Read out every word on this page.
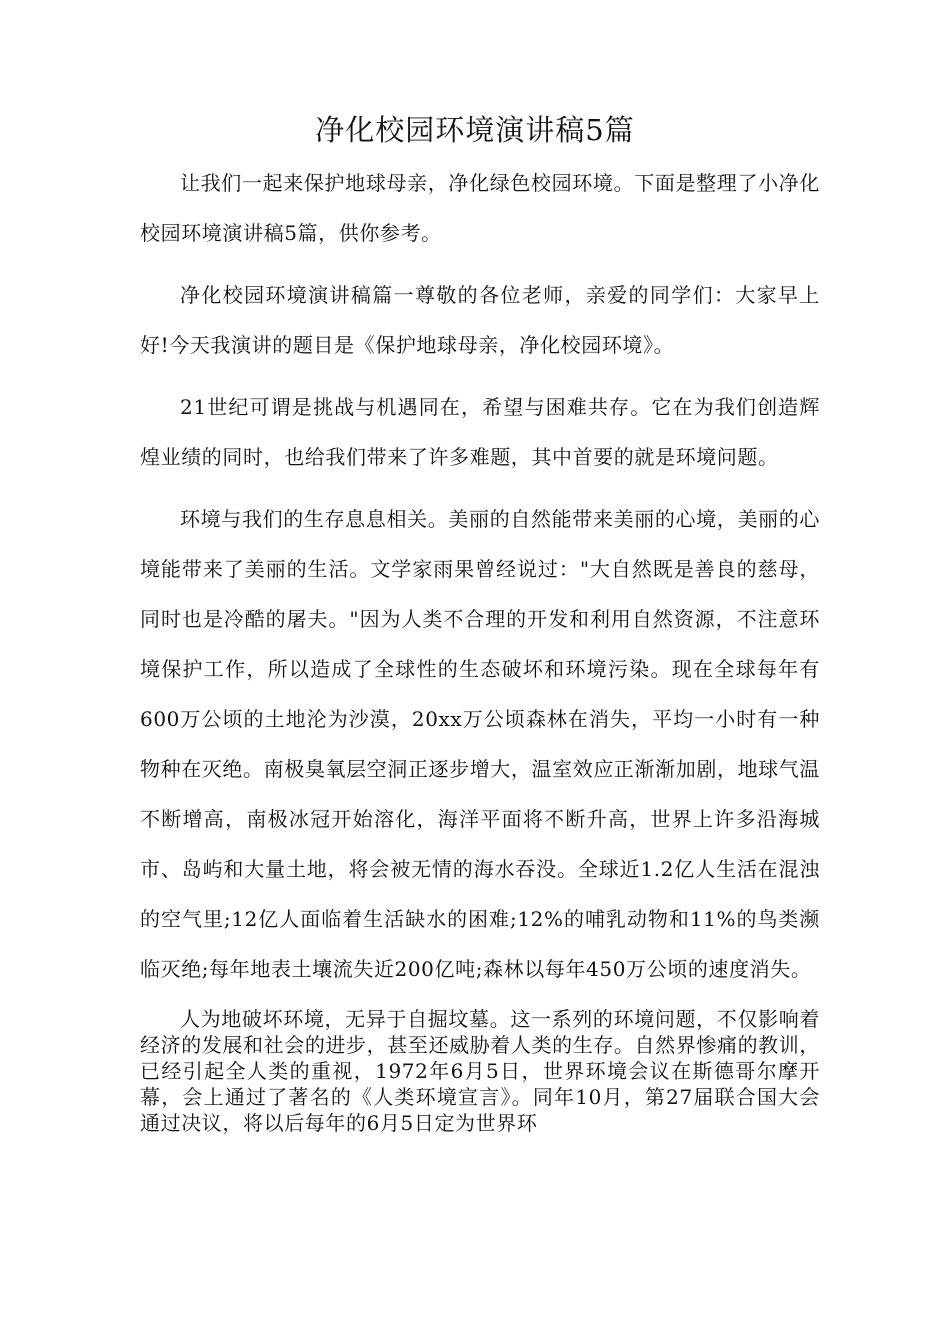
净化校园环境演讲稿5篇

让我们一起来保护地球母亲，净化绿色校园环境。下面是整理了小净化校园环境演讲稿5篇，供你参考。

净化校园环境演讲稿篇一尊敬的各位老师，亲爱的同学们：大家早上好!今天我演讲的题目是《保护地球母亲，净化校园环境》。

21世纪可谓是挑战与机遇同在，希望与困难共存。它在为我们创造辉煌业绩的同时，也给我们带来了许多难题，其中首要的就是环境问题。

环境与我们的生存息息相关。美丽的自然能带来美丽的心境，美丽的心境能带来了美丽的生活。文学家雨果曾经说过："大自然既是善良的慈母，同时也是冷酷的屠夫。"因为人类不合理的开发和利用自然资源，不注意环境保护工作，所以造成了全球性的生态破坏和环境污染。现在全球每年有600万公顷的土地沦为沙漠，20xx万公顷森林在消失，平均一小时有一种物种在灭绝。南极臭氧层空洞正逐步增大，温室效应正渐渐加剧，地球气温不断增高，南极冰冠开始溶化，海洋平面将不断升高，世界上许多沿海城市、岛屿和大量土地，将会被无情的海水吞没。全球近1.2亿人生活在混浊的空气里;12亿人面临着生活缺水的困难;12%的哺乳动物和11%的鸟类濒临灭绝;每年地表土壤流失近200亿吨;森林以每年450万公顷的速度消失。

人为地破坏环境，无异于自掘坟墓。这一系列的环境问题，不仅影响着经济的发展和社会的进步，甚至还威胁着人类的生存。自然界惨痛的教训，已经引起全人类的重视，1972年6月5日，世界环境会议在斯德哥尔摩开幕，会上通过了著名的《人类环境宣言》。同年10月，第27届联合国大会通过决议，将以后每年的6月5日定为世界环
